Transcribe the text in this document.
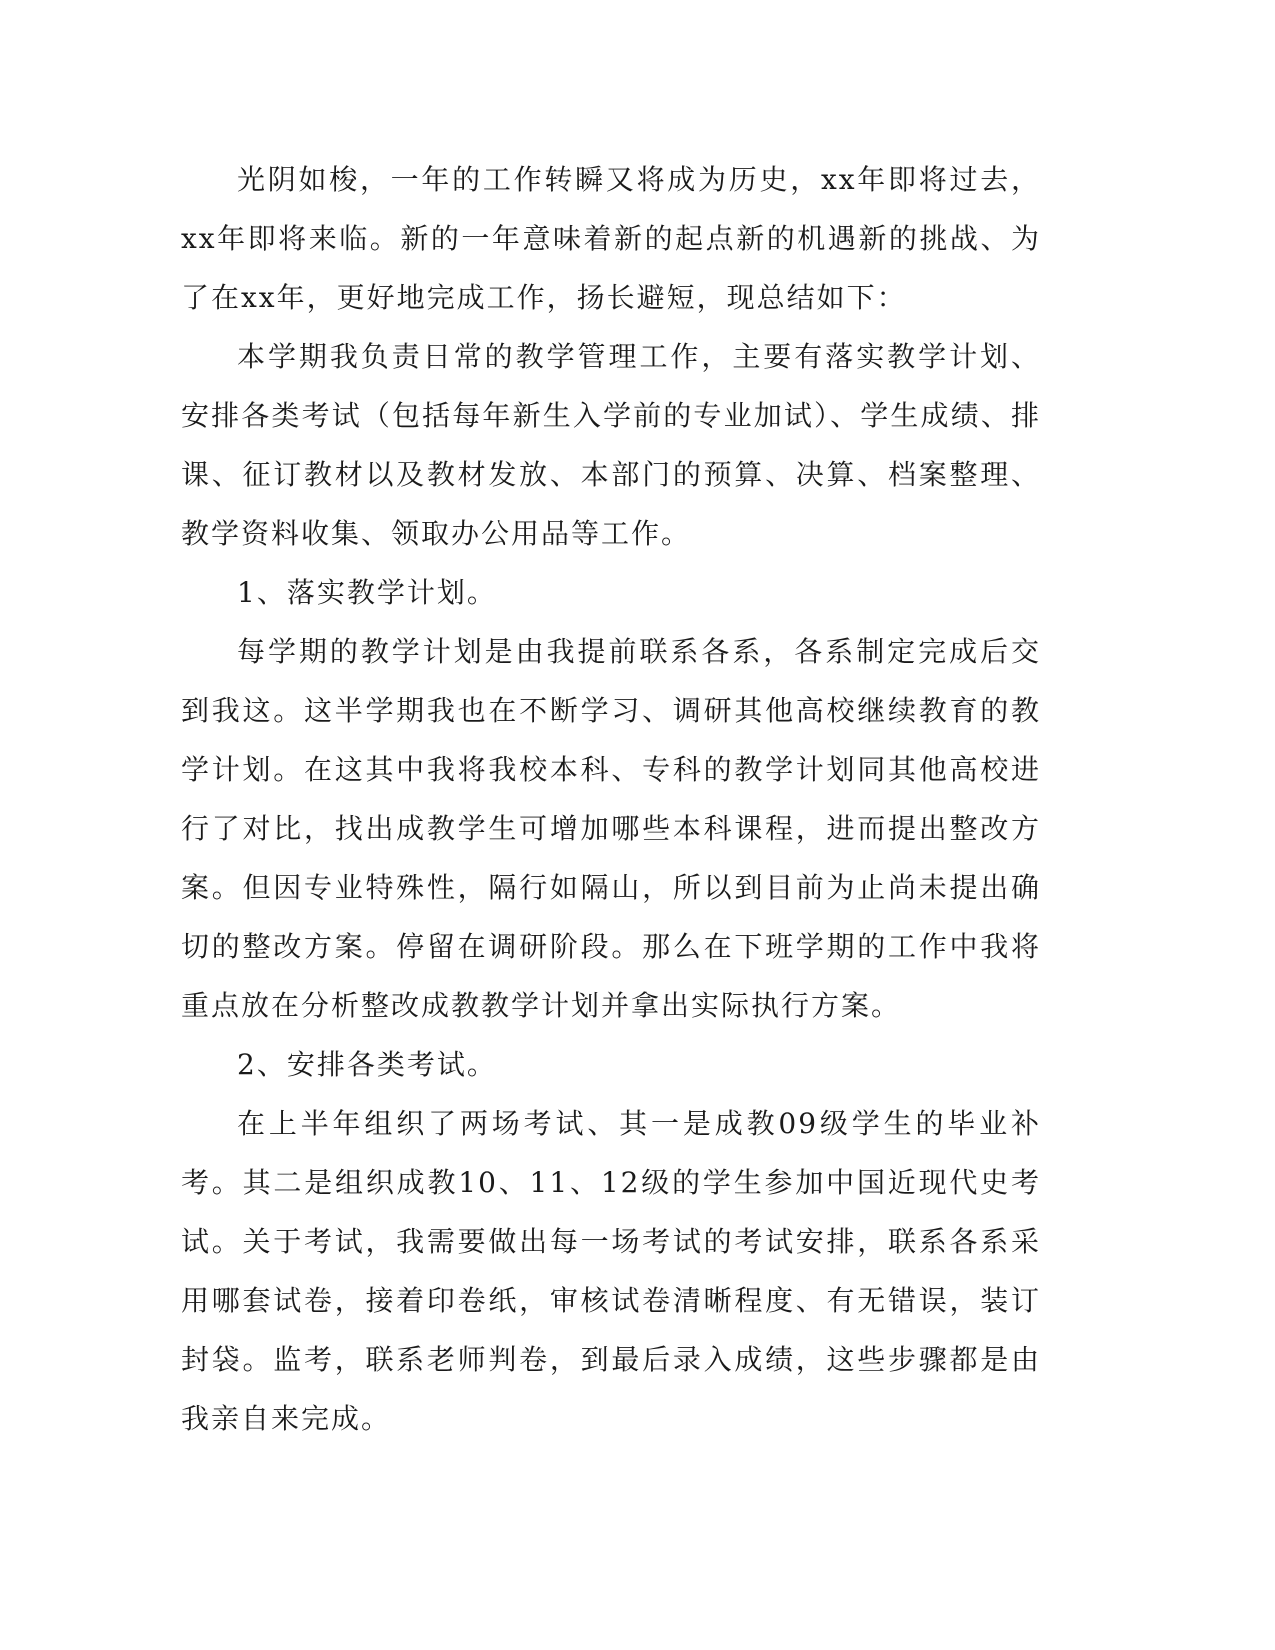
光阴如梭，一年的工作转瞬又将成为历史，xx年即将过去，xx年即将来临。新的一年意味着新的起点新的机遇新的挑战、为了在xx年，更好地完成工作，扬长避短，现总结如下：

本学期我负责日常的教学管理工作，主要有落实教学计划、安排各类考试（包括每年新生入学前的专业加试）、学生成绩、排课、征订教材以及教材发放、本部门的预算、决算、档案整理、教学资料收集、领取办公用品等工作。

1、落实教学计划。

每学期的教学计划是由我提前联系各系，各系制定完成后交到我这。这半学期我也在不断学习、调研其他高校继续教育的教学计划。在这其中我将我校本科、专科的教学计划同其他高校进行了对比，找出成教学生可增加哪些本科课程，进而提出整改方案。但因专业特殊性，隔行如隔山，所以到目前为止尚未提出确切的整改方案。停留在调研阶段。那么在下班学期的工作中我将重点放在分析整改成教教学计划并拿出实际执行方案。

2、安排各类考试。

在上半年组织了两场考试、其一是成教09级学生的毕业补考。其二是组织成教10、11、12级的学生参加中国近现代史考试。关于考试，我需要做出每一场考试的考试安排，联系各系采用哪套试卷，接着印卷纸，审核试卷清晰程度、有无错误，装订封袋。监考，联系老师判卷，到最后录入成绩，这些步骤都是由我亲自来完成。
